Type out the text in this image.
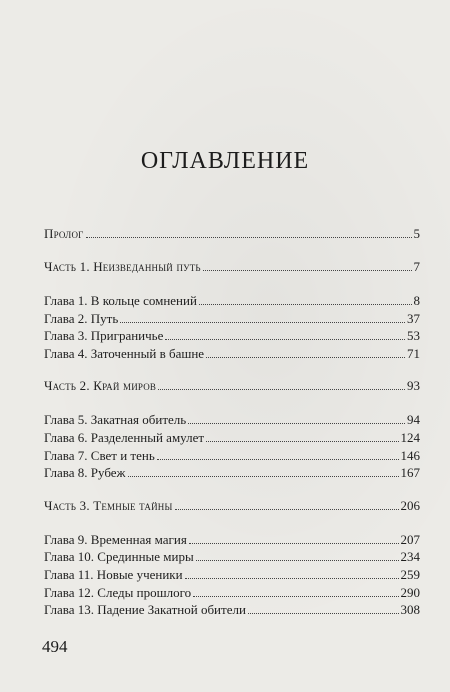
ОГЛАВЛЕНИЕ
Пролог	5
Часть 1. Неизведанный путь	7
Глава 1. В кольце сомнений	8
Глава 2. Путь	37
Глава 3. Приграничье	53
Глава 4. Заточенный в башне	71
Часть 2. Край миров	93
Глава 5. Закатная обитель	94
Глава 6. Разделенный амулет	124
Глава 7. Свет и тень	146
Глава 8. Рубеж	167
Часть 3. Темные тайны	206
Глава 9. Временная магия	207
Глава 10. Срединные миры	234
Глава 11. Новые ученики	259
Глава 12. Следы прошлого	290
Глава 13. Падение Закатной обители	308
494
